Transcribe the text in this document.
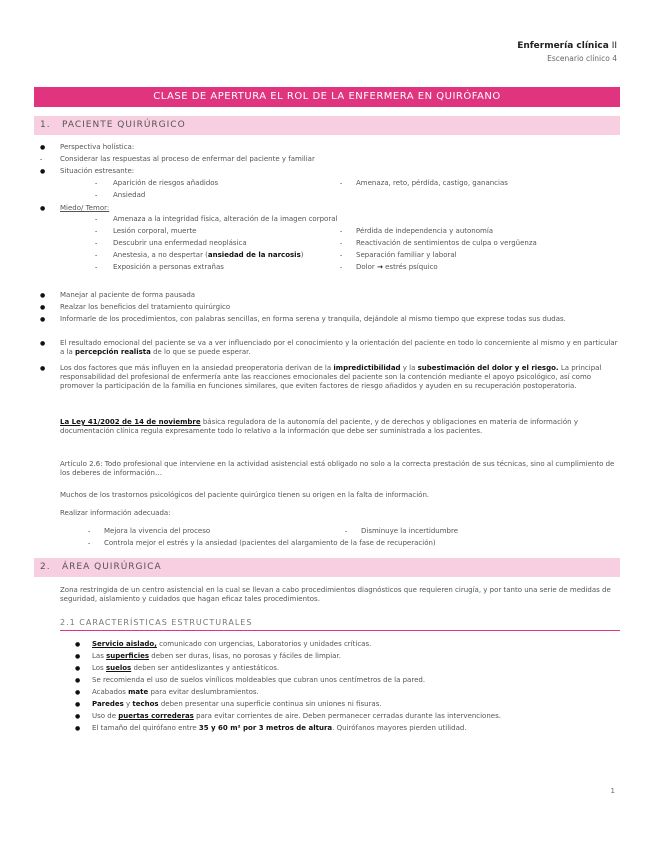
Enfermería clínica II
Escenario clínico 4
CLASE DE APERTURA EL ROL DE LA ENFERMERA EN QUIRÓFANO
1. PACIENTE QUIRÚRGICO
● Perspectiva holística:
-	Considerar las respuestas al proceso de enfermar del paciente y familiar
● Situación estresante:
- Aparición de riesgos añadidos
- Ansiedad
- Amenaza, reto, pérdida, castigo, ganancias
● Miedo/ Temor:
- Amenaza a la integridad física, alteración de la imagen corporal
- Lesión corporal, muerte
- Descubrir una enfermedad neoplásica
- Anestesia, a no despertar (ansiedad de la narcosis)
- Exposición a personas extrañas
- Pérdida de independencia y autonomía
- Reactivación de sentimientos de culpa o vergüenza
- Separación familiar y laboral
- Dolor → estrés psíquico
● Manejar al paciente de forma pausada
● Realzar los beneficios del tratamiento quirúrgico
● Informarle de los procedimientos, con palabras sencillas, en forma serena y tranquila, dejándole al mismo tiempo que exprese todas sus dudas.
● El resultado emocional del paciente se va a ver influenciado por el conocimiento y la orientación del paciente en todo lo concerniente al mismo y en particular a la percepción realista de lo que se puede esperar.
● Los dos factores que más influyen en la ansiedad preoperatoria derivan de la impredictibilidad y la subestimación del dolor y el riesgo. La principal responsabilidad del profesional de enfermería ante las reacciones emocionales del paciente son la contención mediante el apoyo psicológico, así como promover la participación de la familia en funciones similares, que eviten factores de riesgo añadidos y ayuden en su recuperación postoperatoria.
La Ley 41/2002 de 14 de noviembre básica reguladora de la autonomía del paciente, y de derechos y obligaciones en materia de información y documentación clínica regula expresamente todo lo relativo a la información que debe ser suministrada a los pacientes.
Artículo 2.6: Todo profesional que interviene en la actividad asistencial está obligado no solo a la correcta prestación de sus técnicas, sino al cumplimiento de los deberes de información…
Muchos de los trastornos psicológicos del paciente quirúrgico tienen su origen en la falta de información.
Realizar información adecuada:
- Mejora la vivencia del proceso
- Controla mejor el estrés y la ansiedad (pacientes del alargamiento de la fase de recuperación)
- Disminuye la incertidumbre
2. ÁREA QUIRÚRGICA
Zona restringida de un centro asistencial en la cual se llevan a cabo procedimientos diagnósticos que requieren cirugía, y por tanto una serie de medidas de seguridad, aislamiento y cuidados que hagan eficaz tales procedimientos.
2.1 CARACTERÍSTICAS ESTRUCTURALES
● Servicio aislado, comunicado con urgencias, Laboratorios y unidades críticas.
● Las superficies deben ser duras, lisas, no porosas y fáciles de limpiar.
● Los suelos deben ser antideslizantes y antiestáticos.
● Se recomienda el uso de suelos vinílicos moldeables que cubran unos centímetros de la pared.
● Acabados mate para evitar deslumbramientos.
● Paredes y techos deben presentar una superficie continua sin uniones ni fisuras.
● Uso de puertas correderas para evitar corrientes de aire. Deben permanecer cerradas durante las intervenciones.
● El tamaño del quirófano entre 35 y 60 m² por 3 metros de altura. Quirófanos mayores pierden utilidad.
1
